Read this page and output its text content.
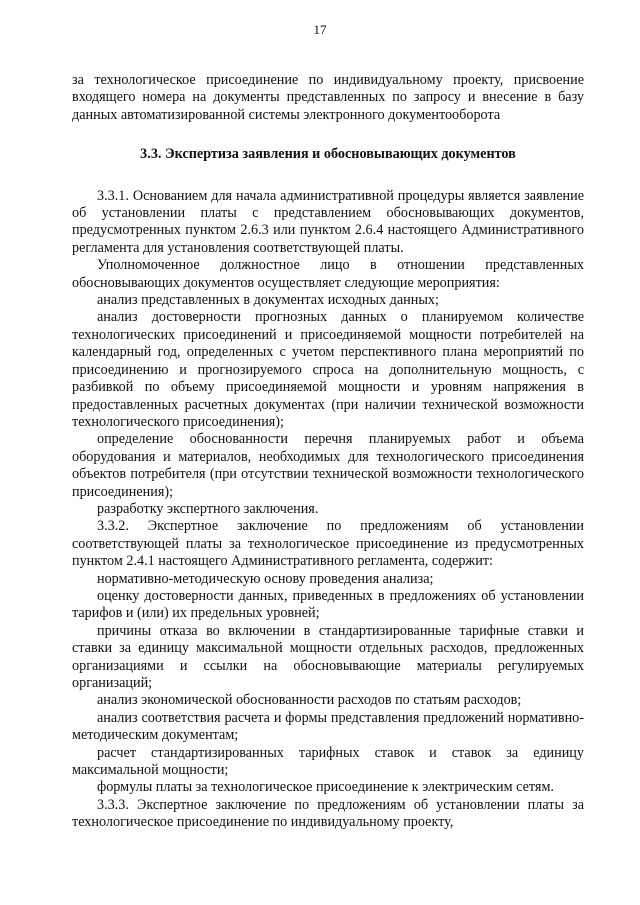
17

за технологическое присоединение по индивидуальному проекту, присвоение входящего номера на документы представленных по запросу и внесение в базу данных автоматизированной системы электронного документооборота

3.3. Экспертиза заявления и обосновывающих документов

3.3.1. Основанием для начала административной процедуры является заявление об установлении платы с представлением обосновывающих документов, предусмотренных пунктом 2.6.3 или пунктом 2.6.4 настоящего Административного регламента для установления соответствующей платы.

Уполномоченное должностное лицо в отношении представленных обосновывающих документов осуществляет следующие мероприятия:

анализ представленных в документах исходных данных;

анализ достоверности прогнозных данных о планируемом количестве технологических присоединений и присоединяемой мощности потребителей на календарный год, определенных с учетом перспективного плана мероприятий по присоединению и прогнозируемого спроса на дополнительную мощность, с разбивкой по объему присоединяемой мощности и уровням напряжения в предоставленных расчетных документах (при наличии технической возможности технологического присоединения);

определение обоснованности перечня планируемых работ и объема оборудования и материалов, необходимых для технологического присоединения объектов потребителя (при отсутствии технической возможности технологического присоединения);

разработку экспертного заключения.

3.3.2. Экспертное заключение по предложениям об установлении соответствующей платы за технологическое присоединение из предусмотренных пунктом 2.4.1 настоящего Административного регламента, содержит:

нормативно-методическую основу проведения анализа;

оценку достоверности данных, приведенных в предложениях об установлении тарифов и (или) их предельных уровней;

причины отказа во включении в стандартизированные тарифные ставки и ставки за единицу максимальной мощности отдельных расходов, предложенных организациями и ссылки на обосновывающие материалы регулируемых организаций;

анализ экономической обоснованности расходов по статьям расходов;

анализ соответствия расчета и формы представления предложений нормативно-методическим документам;

расчет стандартизированных тарифных ставок и ставок за единицу максимальной мощности;

формулы платы за технологическое присоединение к электрическим сетям.

3.3.3. Экспертное заключение по предложениям об установлении платы за технологическое присоединение по индивидуальному проекту,
